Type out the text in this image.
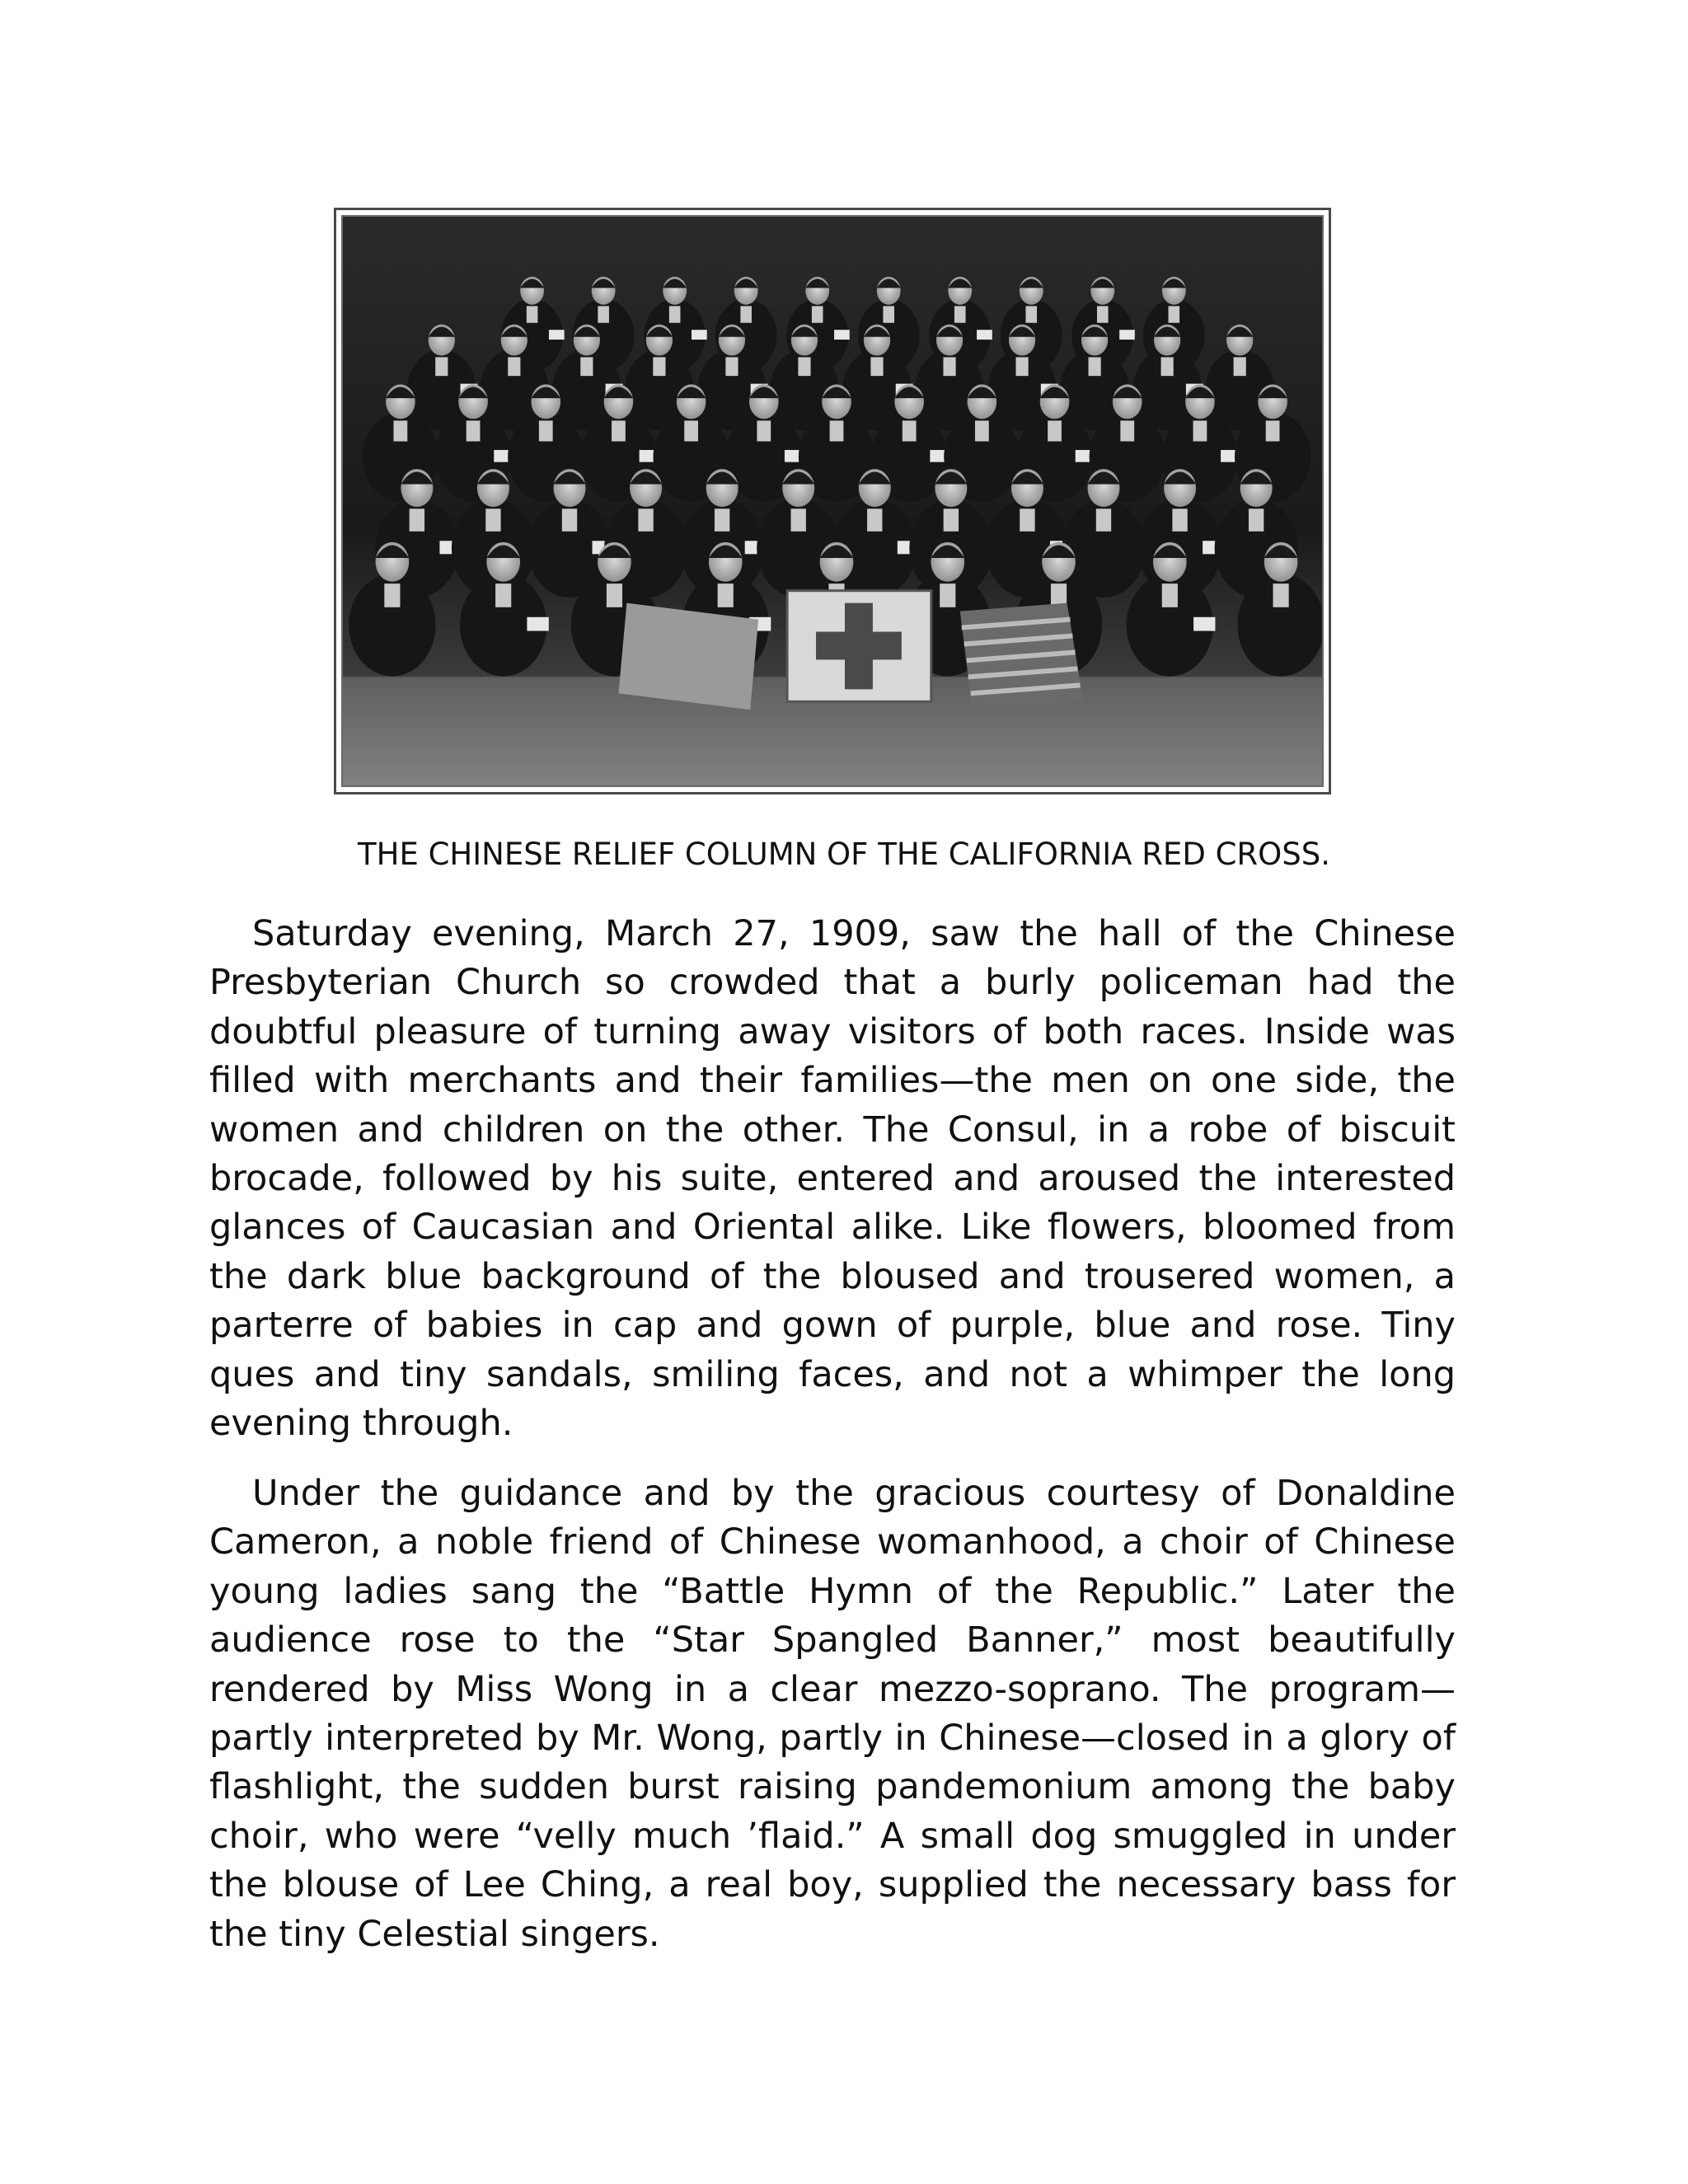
THE CHINESE RELIEF COLUMN OF THE CALIFORNIA RED CROSS.

Saturday evening, March 27, 1909, saw the hall of the Chinese Presbyterian Church so crowded that a burly policeman had the doubtful pleasure of turning away visitors of both races. Inside was filled with merchants and their families—the men on one side, the women and children on the other. The Consul, in a robe of biscuit brocade, followed by his suite, entered and aroused the interested glances of Caucasian and Oriental alike. Like flowers, bloomed from the dark blue background of the bloused and trousered women, a parterre of babies in cap and gown of purple, blue and rose. Tiny ques and tiny sandals, smiling faces, and not a whimper the long evening through.

Under the guidance and by the gracious courtesy of Donaldine Cameron, a noble friend of Chinese womanhood, a choir of Chinese young ladies sang the “Battle Hymn of the Republic.” Later the audience rose to the “Star Spangled Banner,” most beautifully rendered by Miss Wong in a clear mezzo-soprano. The program—partly interpreted by Mr. Wong, partly in Chinese—closed in a glory of flashlight, the sudden burst raising pandemonium among the baby choir, who were “velly much ’flaid.” A small dog smuggled in under the blouse of Lee Ching, a real boy, supplied the necessary bass for the tiny Celestial singers.
